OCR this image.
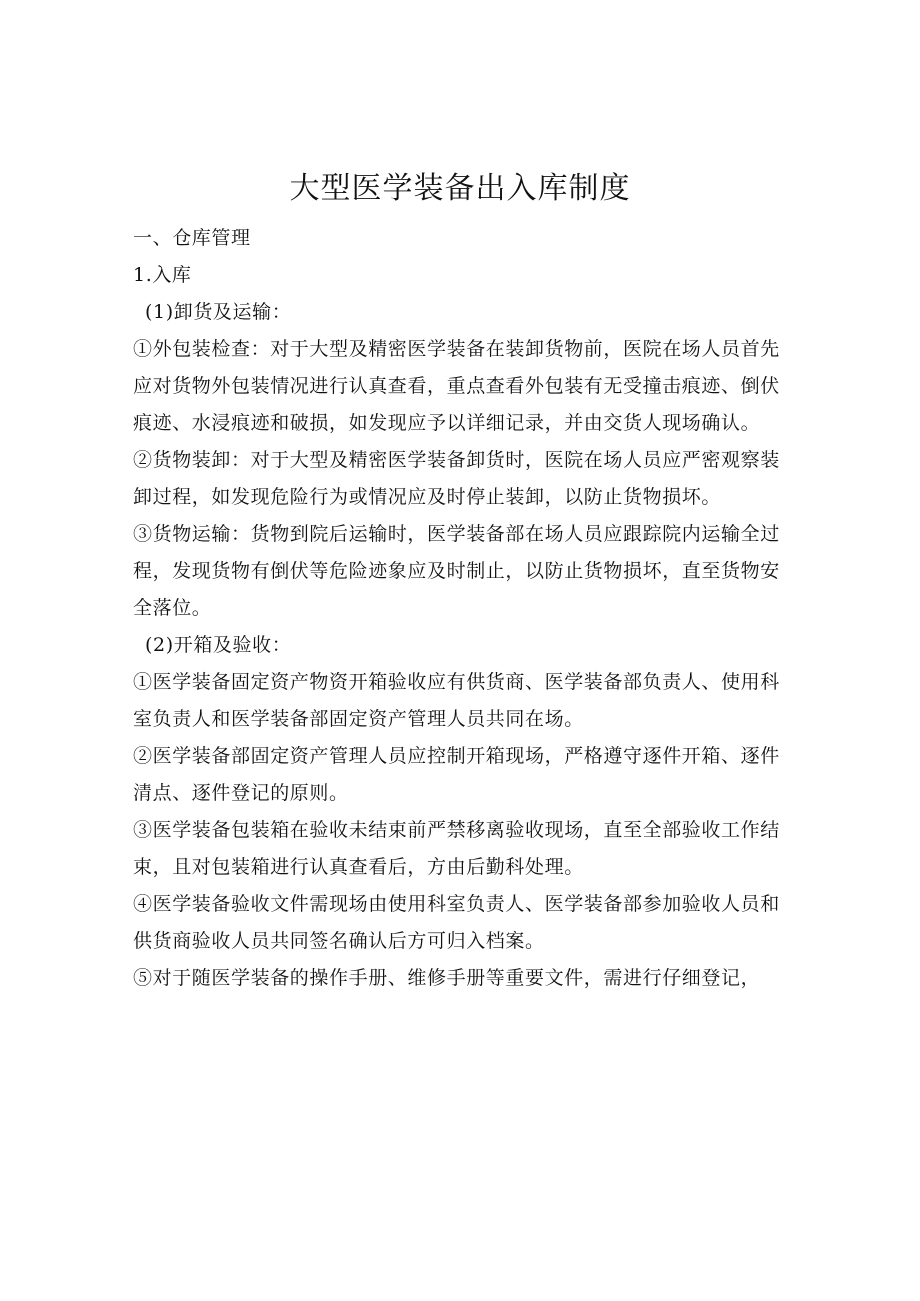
大型医学装备出入库制度

一、仓库管理

1.入库

(1)卸货及运输：

①外包装检查：对于大型及精密医学装备在装卸货物前，医院在场人员首先应对货物外包装情况进行认真查看，重点查看外包装有无受撞击痕迹、倒伏痕迹、水浸痕迹和破损，如发现应予以详细记录，并由交货人现场确认。

②货物装卸：对于大型及精密医学装备卸货时，医院在场人员应严密观察装卸过程，如发现危险行为或情况应及时停止装卸，以防止货物损坏。

③货物运输：货物到院后运输时，医学装备部在场人员应跟踪院内运输全过程，发现货物有倒伏等危险迹象应及时制止，以防止货物损坏，直至货物安全落位。

(2)开箱及验收：

①医学装备固定资产物资开箱验收应有供货商、医学装备部负责人、使用科室负责人和医学装备部固定资产管理人员共同在场。

②医学装备部固定资产管理人员应控制开箱现场，严格遵守逐件开箱、逐件清点、逐件登记的原则。

③医学装备包装箱在验收未结束前严禁移离验收现场，直至全部验收工作结束，且对包装箱进行认真查看后，方由后勤科处理。

④医学装备验收文件需现场由使用科室负责人、医学装备部参加验收人员和供货商验收人员共同签名确认后方可归入档案。

⑤对于随医学装备的操作手册、维修手册等重要文件，需进行仔细登记，
